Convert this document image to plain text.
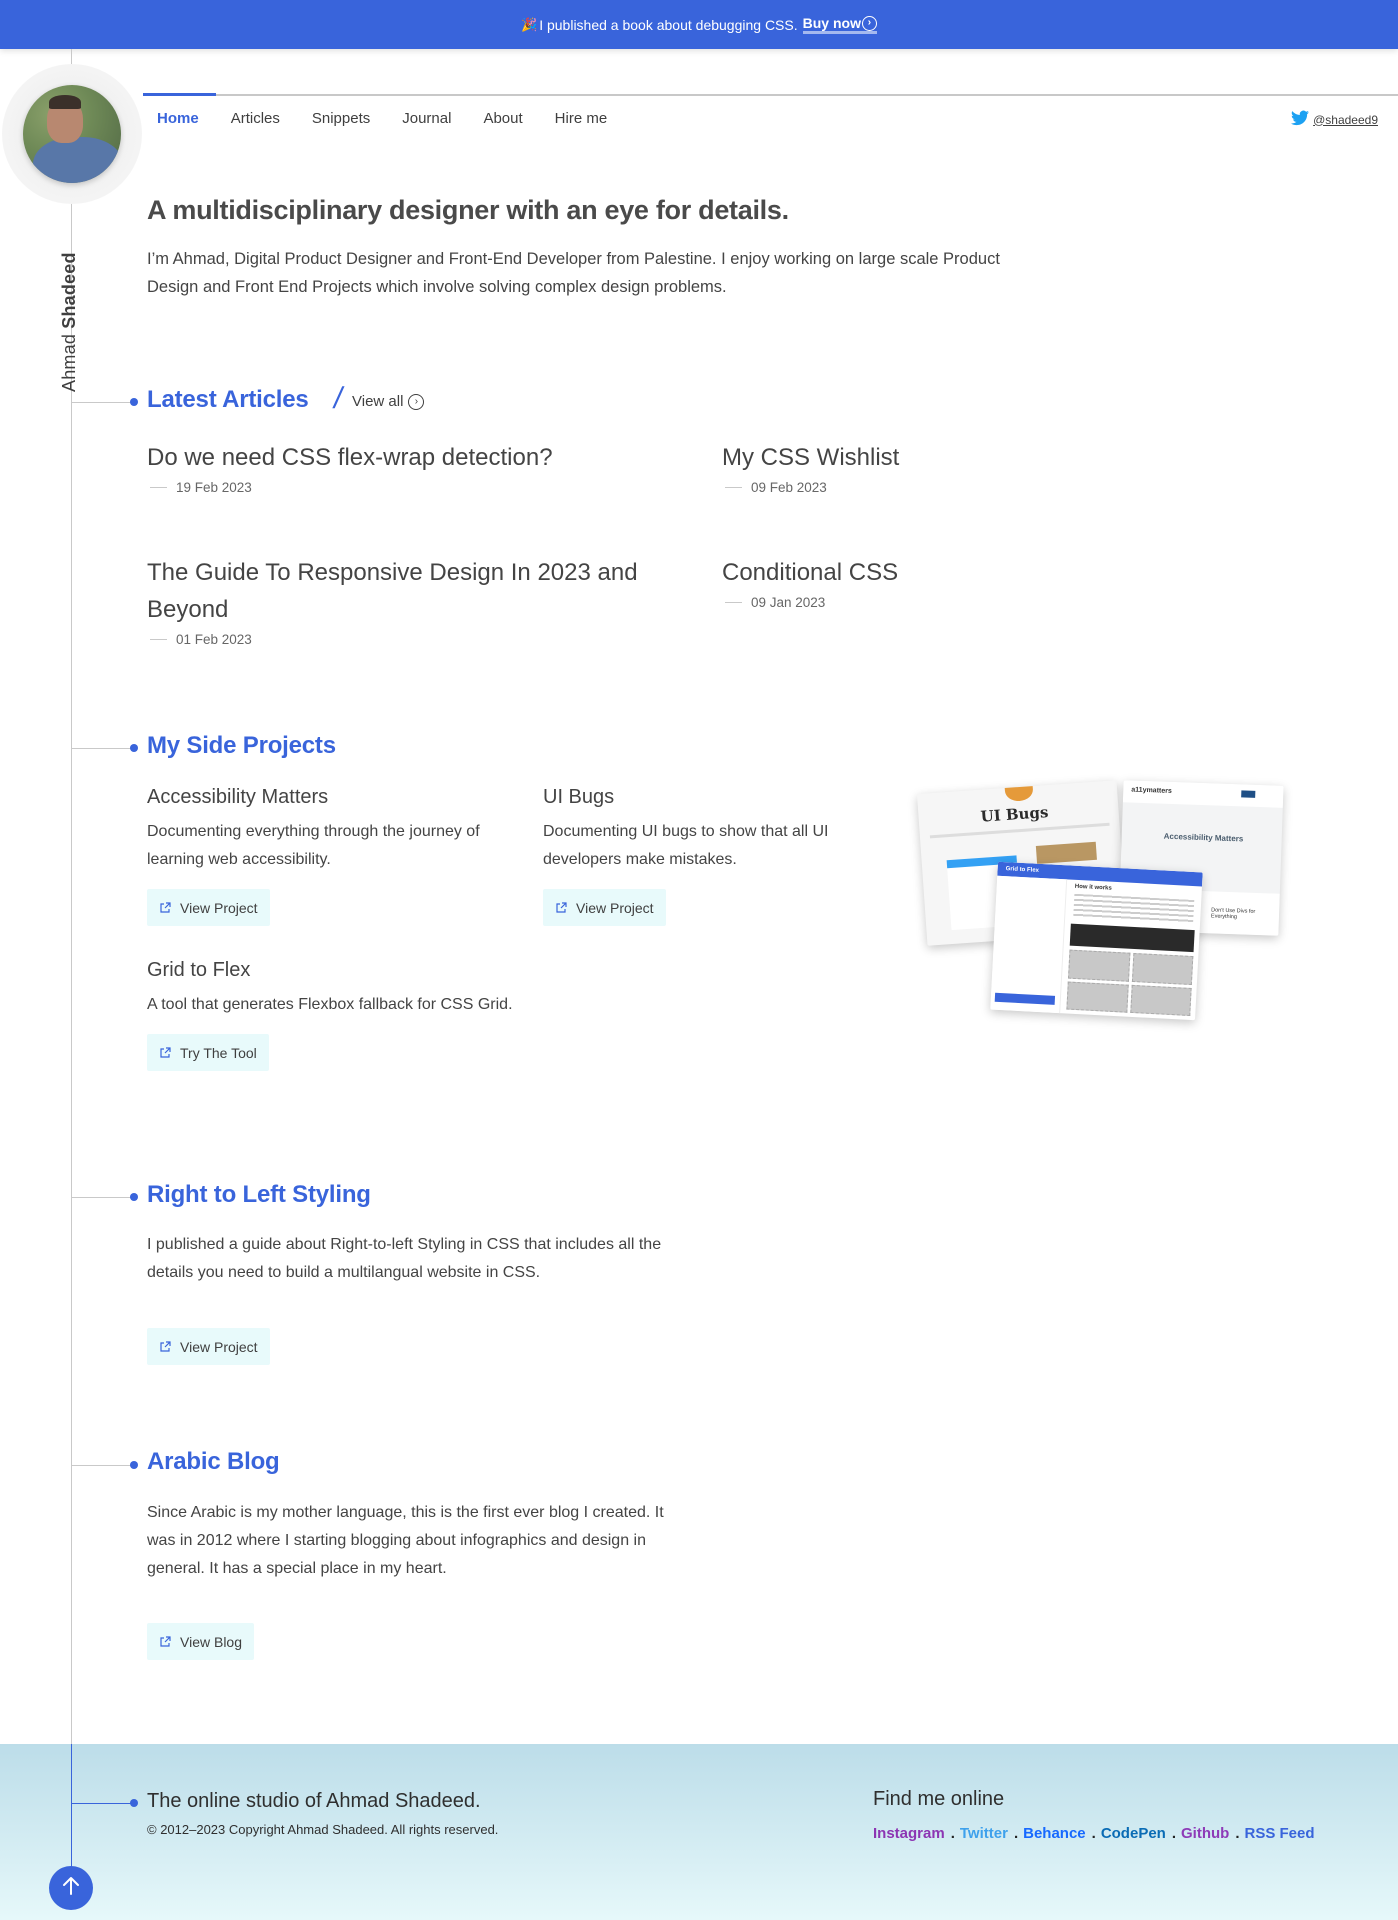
🎉 I published a book about debugging CSS. Buy now ›
Ahmad Shadeed
Home Articles Snippets Journal About Hire me	@shadeed9
A multidisciplinary designer with an eye for details.

I’m Ahmad, Digital Product Designer and Front-End Developer from Palestine. I enjoy working on large scale Product Design and Front End Projects which involve solving complex design problems.

Latest Articles / View all	›
Do we need CSS flex-wrap detection?
19 Feb 2023
My CSS Wishlist
09 Feb 2023
The Guide To Responsive Design In 2023 and Beyond
01 Feb 2023
Conditional CSS
09 Jan 2023
My Side Projects
Accessibility Matters
Documenting everything through the journey of learning web accessibility.
View Project
UI Bugs
Documenting UI bugs to show that all UI developers make mistakes.
View Project
Grid to Flex
A tool that generates Flexbox fallback for CSS Grid.
Try The Tool
UI Bugs
a11ymatters
Accessibility Matters
Don't Use Divs for Everything
Grid to Flex
How it works
Right to Left Styling

I published a guide about Right-to-left Styling in CSS that includes all the details you need to build a multilangual website in CSS.

View Project
Arabic Blog

Since Arabic is my mother language, this is the first ever blog I created. It was in 2012 where I starting blogging about infographics and design in general. It has a special place in my heart.

View Blog
The online studio of Ahmad Shadeed.
© 2012–2023 Copyright Ahmad Shadeed. All rights reserved.
Find me online
Instagram . Twitter . Behance . CodePen . Github . RSS Feed
